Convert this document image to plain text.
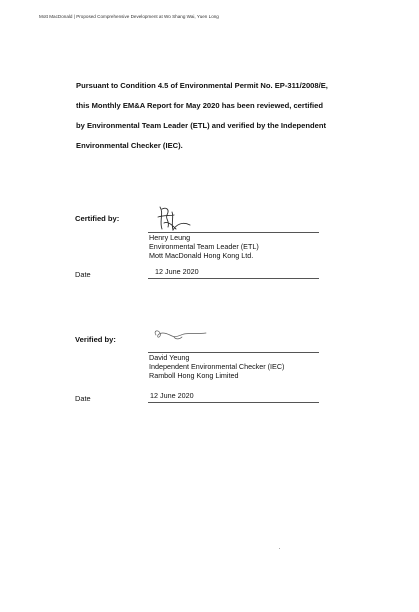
Mott MacDonald | Proposed Comprehensive Development at Wo Shang Wai, Yuen Long
Pursuant to Condition 4.5 of Environmental Permit No. EP-311/2008/E,
this Monthly EM&A Report for May 2020 has been reviewed, certified
by Environmental Team Leader (ETL) and verified by the Independent
Environmental Checker (IEC).
Certified by:
Henry Leung
Environmental Team Leader (ETL)
Mott MacDonald Hong Kong Ltd.
Date	12 June 2020
Verified by:
David Yeung
Independent Environmental Checker (IEC)
Ramboll Hong Kong Limited
Date	12 June 2020
